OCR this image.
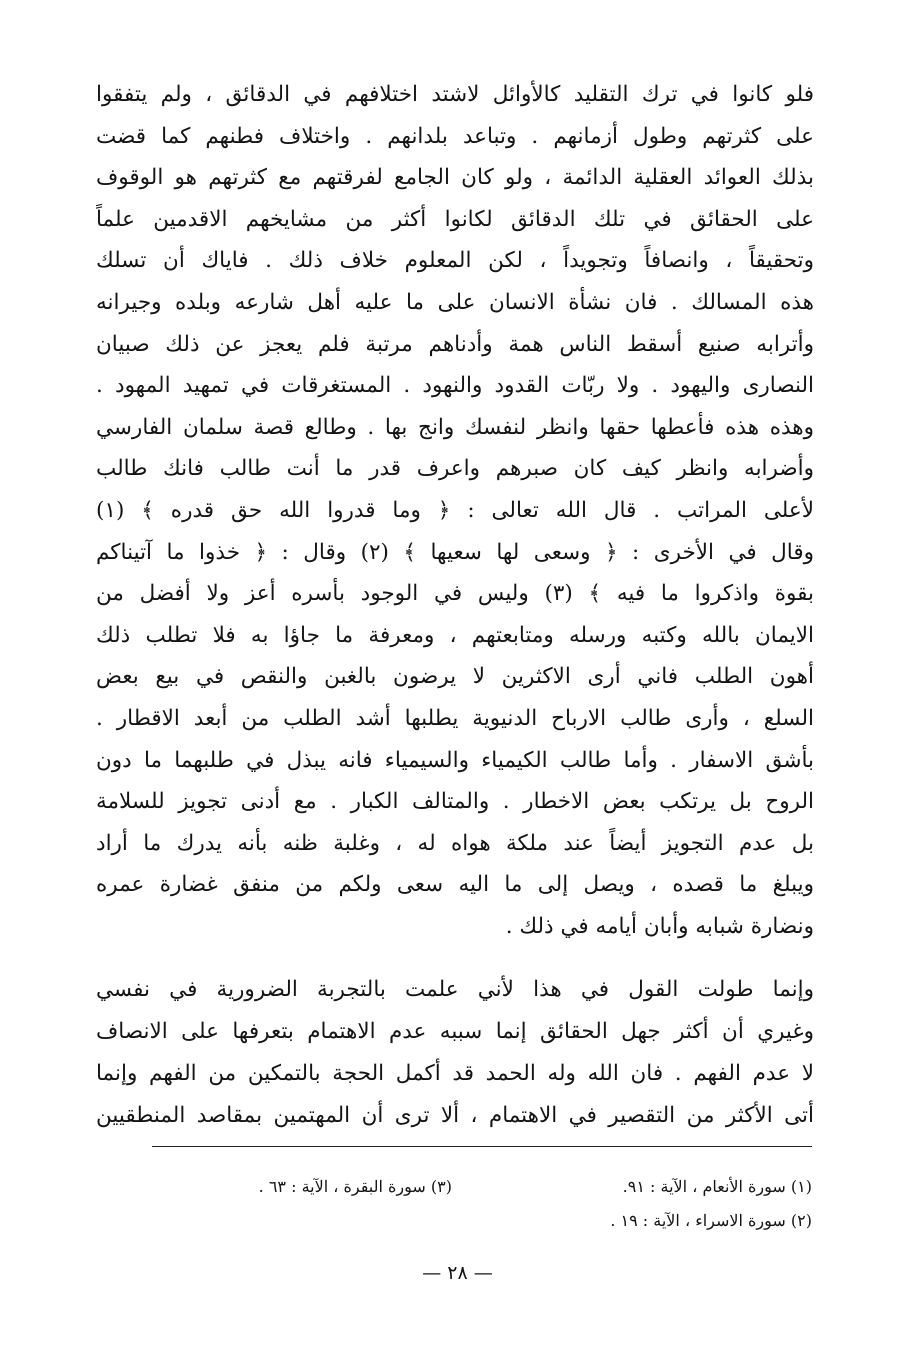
فلو كانوا في ترك التقليد كالأوائل لاشتد اختلافهم في الدقائق ، ولم يتفقوا
على كثرتهم وطول أزمانهم . وتباعد بلدانهم . واختلاف فطنهم كما قضت
بذلك العوائد العقلية الدائمة ، ولو كان الجامع لفرقتهم مع كثرتهم هو الوقوف
على الحقائق في تلك الدقائق لكانوا أكثر من مشايخهم الاقدمين علماً
وتحقيقاً ، وانصافاً وتجويداً ، لكن المعلوم خلاف ذلك . فاياك أن تسلك
هذه المسالك . فان نشأة الانسان على ما عليه أهل شارعه وبلده وجيرانه
وأترابه صنيع أسقط الناس همة وأدناهم مرتبة فلم يعجز عن ذلك صبيان
النصارى واليهود . ولا ربّات القدود والنهود . المستغرقات في تمهيد المهود .
وهذه هذه فأعطها حقها وانظر لنفسك وانج بها . وطالع قصة سلمان الفارسي
وأضرابه وانظر كيف كان صبرهم واعرف قدر ما أنت طالب فانك طالب
لأعلى المراتب . قال الله تعالى : ﴿ وما قدروا الله حق قدره ﴾ (١)
وقال في الأخرى : ﴿ وسعى لها سعيها ﴾ (٢) وقال : ﴿ خذوا ما آتيناكم
بقوة واذكروا ما فيه ﴾ (٣) وليس في الوجود بأسره أعز ولا أفضل من
الايمان بالله وكتبه ورسله ومتابعتهم ، ومعرفة ما جاؤا به فلا تطلب ذلك
أهون الطلب فاني أرى الاكثرين لا يرضون بالغبن والنقص في بيع بعض
السلع ، وأرى طالب الارباح الدنيوية يطلبها أشد الطلب من أبعد الاقطار .
بأشق الاسفار . وأما طالب الكيمياء والسيمياء فانه يبذل في طلبهما ما دون
الروح بل يرتكب بعض الاخطار . والمتالف الكبار . مع أدنى تجويز للسلامة
بل عدم التجويز أيضاً عند ملكة هواه له ، وغلبة ظنه بأنه يدرك ما أراد
ويبلغ ما قصده ، ويصل إلى ما اليه سعى ولكم من منفق غضارة عمره
ونضارة شبابه وأبان أيامه في ذلك .
وإنما طولت القول في هذا لأني علمت بالتجربة الضرورية في نفسي
وغيري أن أكثر جهل الحقائق إنما سببه عدم الاهتمام بتعرفها على الانصاف
لا عدم الفهم . فان الله وله الحمد قد أكمل الحجة بالتمكين من الفهم وإنما
أتى الأكثر من التقصير في الاهتمام ، ألا ترى أن المهتمين بمقاصد المنطقيين
(١) سورة الأنعام ، الآية : ٩١.
(٣) سورة البقرة ، الآية : ٦٣ .
(٢) سورة الاسراء ، الآية : ١٩ .
— ٢٨ —
